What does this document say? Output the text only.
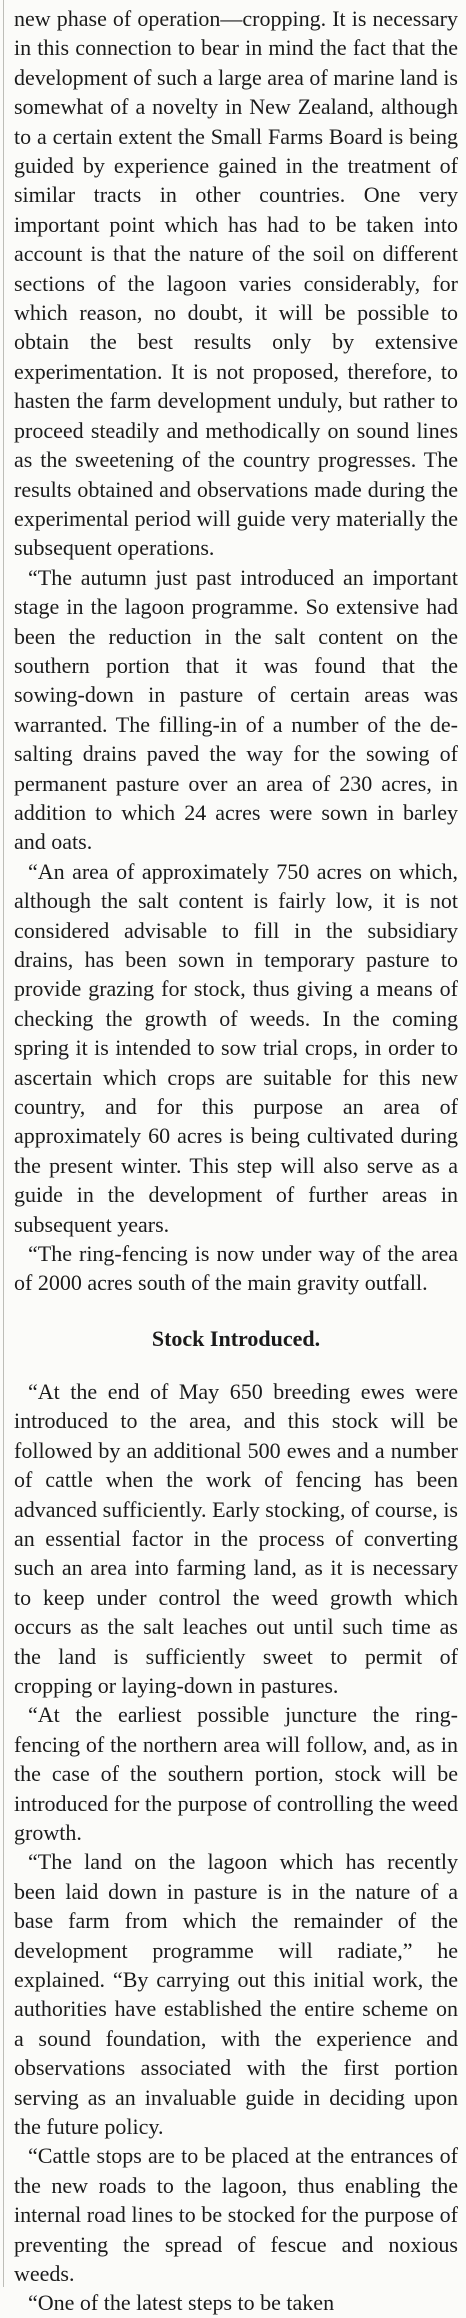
new phase of operation—cropping. It is necessary in this connection to bear in mind the fact that the development of such a large area of marine land is somewhat of a novelty in New Zealand, although to a certain extent the Small Farms Board is being guided by experience gained in the treatment of similar tracts in other countries. One very important point which has had to be taken into account is that the nature of the soil on different sections of the lagoon varies considerably, for which reason, no doubt, it will be possible to obtain the best results only by extensive experimentation. It is not proposed, therefore, to hasten the farm development unduly, but rather to proceed steadily and methodically on sound lines as the sweetening of the country progresses. The results obtained and observations made during the experimental period will guide very materially the subsequent operations.

“The autumn just past introduced an important stage in the lagoon programme. So extensive had been the reduction in the salt content on the southern portion that it was found that the sowing-down in pasture of certain areas was warranted. The filling-in of a number of the de-salting drains paved the way for the sowing of permanent pasture over an area of 230 acres, in addition to which 24 acres were sown in barley and oats.

“An area of approximately 750 acres on which, although the salt content is fairly low, it is not considered advisable to fill in the subsidiary drains, has been sown in temporary pasture to provide grazing for stock, thus giving a means of checking the growth of weeds. In the coming spring it is intended to sow trial crops, in order to ascertain which crops are suitable for this new country, and for this purpose an area of approximately 60 acres is being cultivated during the present winter. This step will also serve as a guide in the development of further areas in subsequent years.

“The ring-fencing is now under way of the area of 2000 acres south of the main gravity outfall.

Stock Introduced.

“At the end of May 650 breeding ewes were introduced to the area, and this stock will be followed by an additional 500 ewes and a number of cattle when the work of fencing has been advanced sufficiently. Early stocking, of course, is an essential factor in the process of converting such an area into farming land, as it is necessary to keep under control the weed growth which occurs as the salt leaches out until such time as the land is sufficiently sweet to permit of cropping or laying-down in pastures.

“At the earliest possible juncture the ring-fencing of the northern area will follow, and, as in the case of the southern portion, stock will be introduced for the purpose of controlling the weed growth.

“The land on the lagoon which has recently been laid down in pasture is in the nature of a base farm from which the remainder of the development programme will radiate,” he explained. “By carrying out this initial work, the authorities have established the entire scheme on a sound foundation, with the experience and observations associated with the first portion serving as an invaluable guide in deciding upon the future policy.

“Cattle stops are to be placed at the entrances of the new roads to the lagoon, thus enabling the internal road lines to be stocked for the purpose of preventing the spread of fescue and noxious weeds.

“One of the latest steps to be taken
